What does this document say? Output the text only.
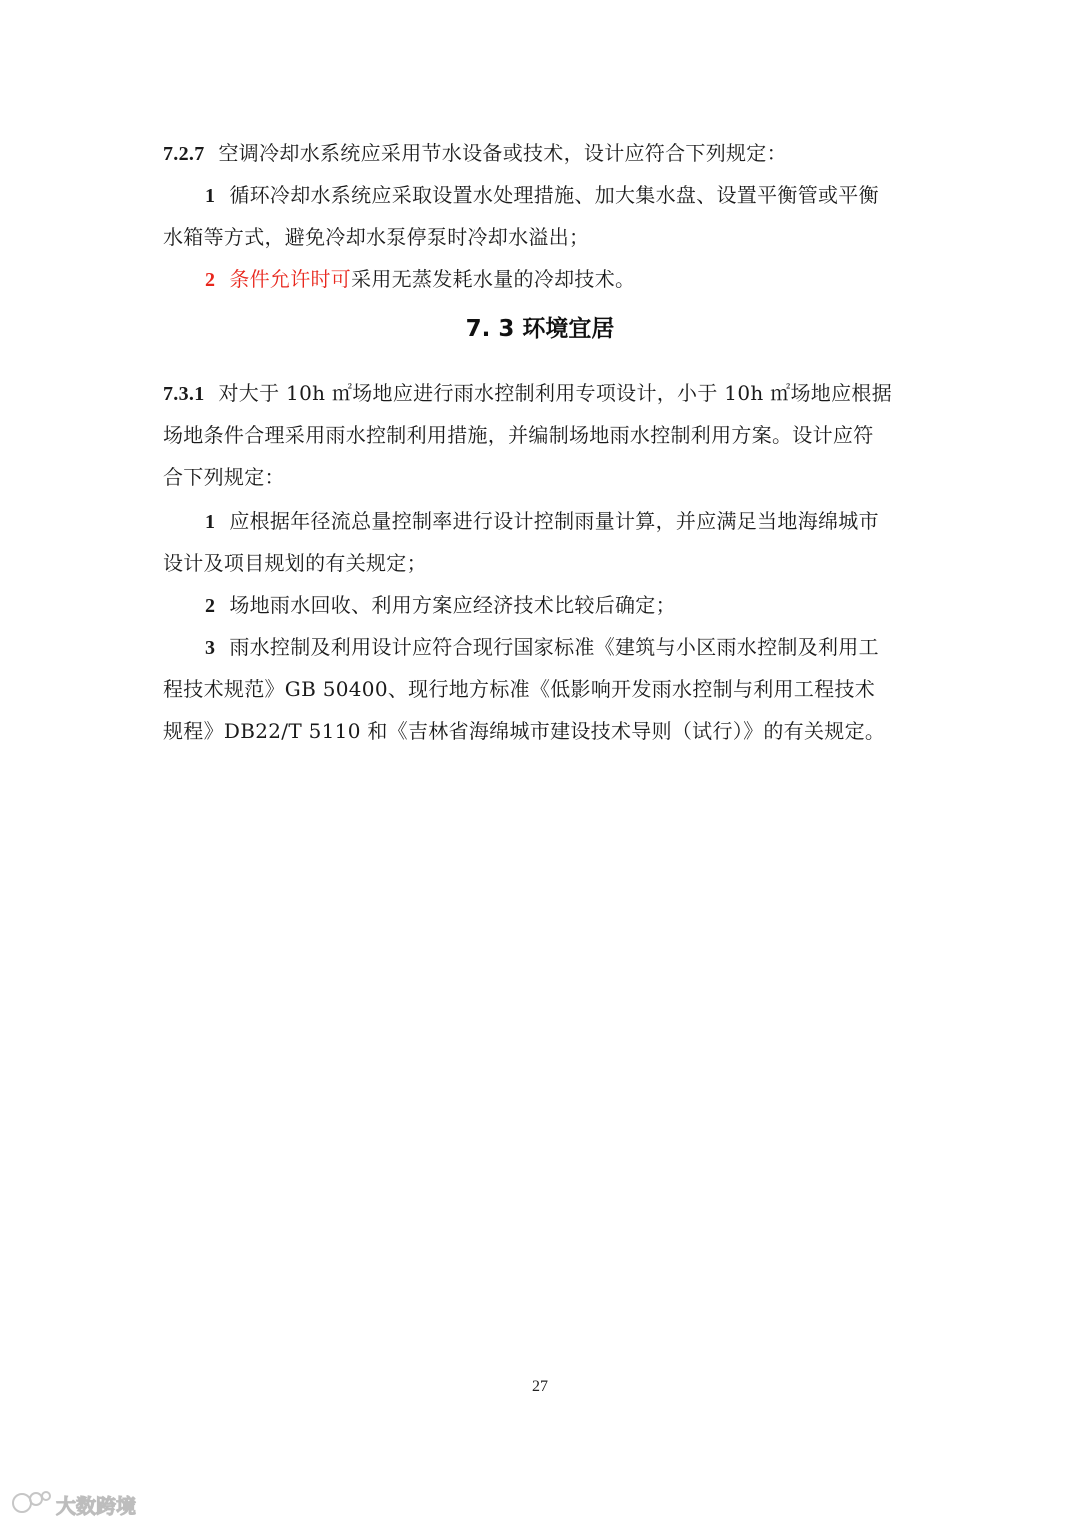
7.2.7 空调冷却水系统应采用节水设备或技术，设计应符合下列规定：
1 循环冷却水系统应采取设置水处理措施、加大集水盘、设置平衡管或平衡
水箱等方式，避免冷却水泵停泵时冷却水溢出；
2 条件允许时可采用无蒸发耗水量的冷却技术。
7. 3 环境宜居
7.3.1 对大于 10h ㎡场地应进行雨水控制利用专项设计，小于 10h ㎡场地应根据
场地条件合理采用雨水控制利用措施，并编制场地雨水控制利用方案。设计应符
合下列规定：
1 应根据年径流总量控制率进行设计控制雨量计算，并应满足当地海绵城市
设计及项目规划的有关规定；
2 场地雨水回收、利用方案应经济技术比较后确定；
3 雨水控制及利用设计应符合现行国家标准《建筑与小区雨水控制及利用工
程技术规范》GB 50400、现行地方标准《低影响开发雨水控制与利用工程技术
规程》DB22/T 5110 和《吉林省海绵城市建设技术导则（试行）》的有关规定。
27
大数跨境
